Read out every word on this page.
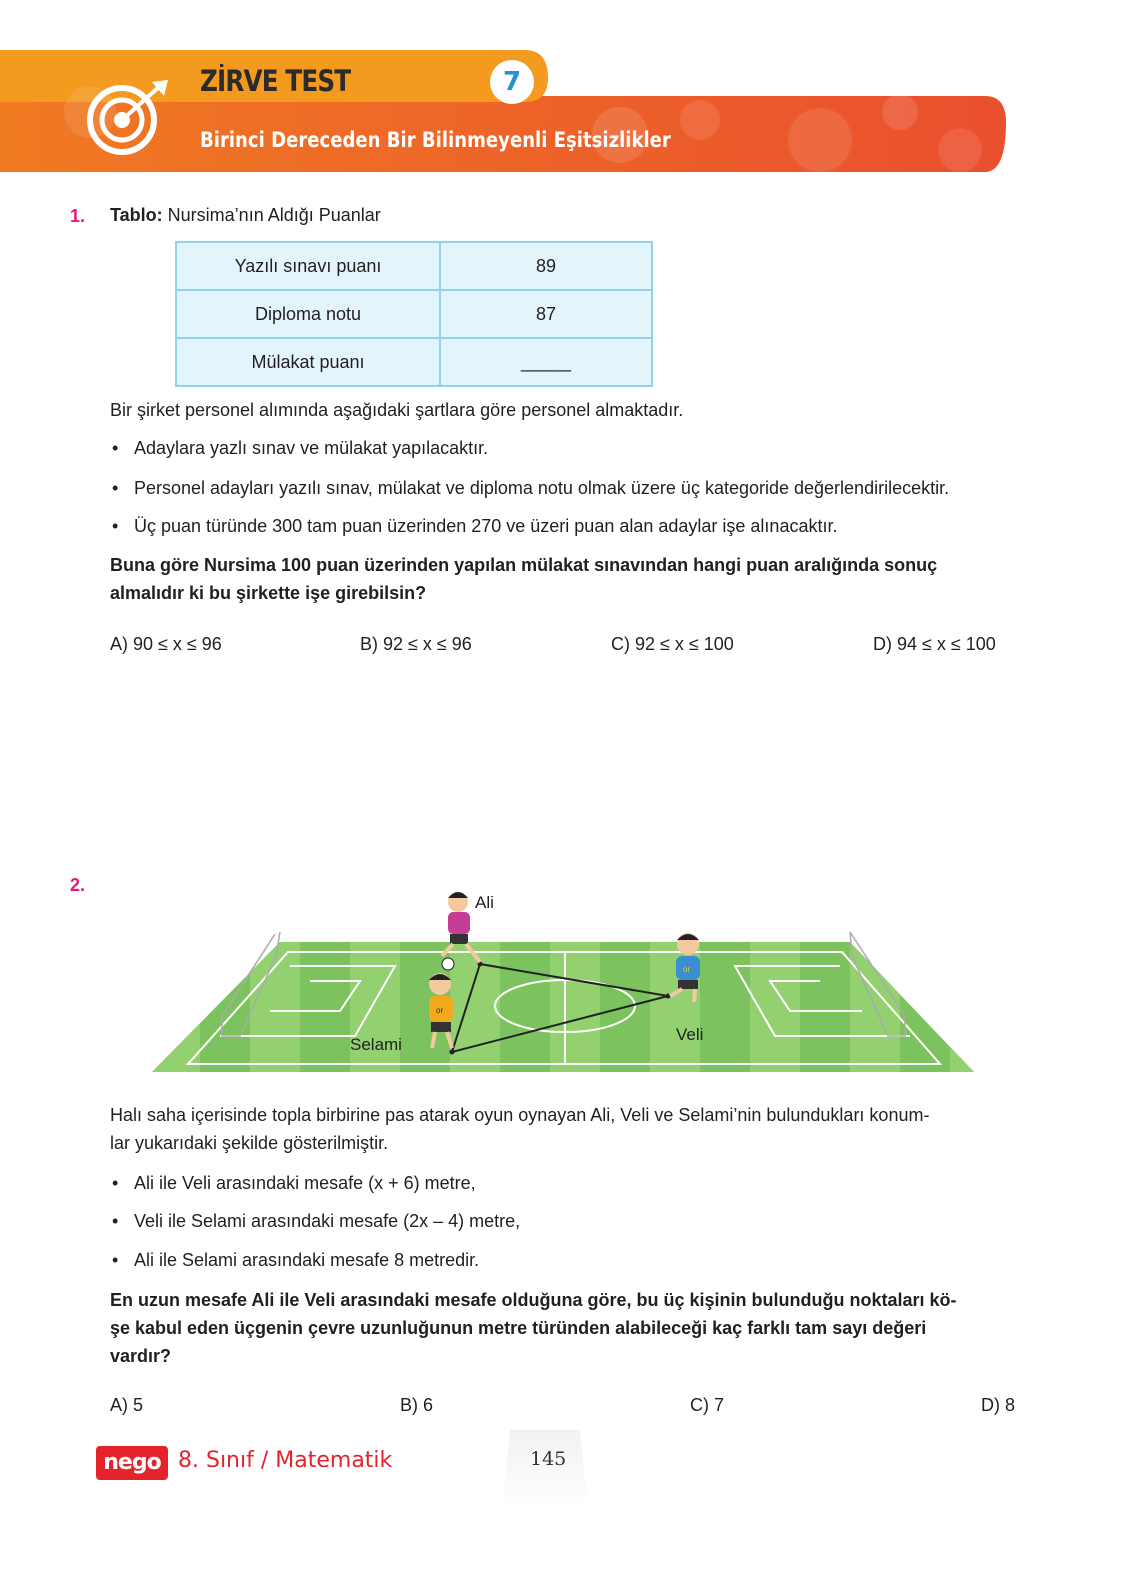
ZİRVE TEST	7
Birinci Dereceden Bir Bilinmeyenli Eşitsizlikler
1. Tablo: Nursima’nın Aldığı Puanlar
Yazılı sınavı puanı	89
Diploma notu	87
Mülakat puanı	_____
Bir şirket personel alımında aşağıdaki şartlara göre personel almaktadır.
• Adaylara yazlı sınav ve mülakat yapılacaktır.
• Personel adayları yazılı sınav, mülakat ve diploma notu olmak üzere üç kategoride değerlendirilecektir.
• Üç puan türünde 300 tam puan üzerinden 270 ve üzeri puan alan adaylar işe alınacaktır.
Buna göre Nursima 100 puan üzerinden yapılan mülakat sınavından hangi puan aralığında sonuç
almalıdır ki bu şirkette işe girebilsin?
A) 90 ≤ x ≤ 96	B) 92 ≤ x ≤ 96	C) 92 ≤ x ≤ 100	D) 94 ≤ x ≤ 100
2.
or
or
Ali
Veli
Selami
Halı saha içerisinde topla birbirine pas atarak oyun oynayan Ali, Veli ve Selami’nin bulundukları konum-
lar yukarıdaki şekilde gösterilmiştir.
• Ali ile Veli arasındaki mesafe (x + 6) metre,
• Veli ile Selami arasındaki mesafe (2x – 4) metre,
• Ali ile Selami arasındaki mesafe 8 metredir.
En uzun mesafe Ali ile Veli arasındaki mesafe olduğuna göre, bu üç kişinin bulunduğu noktaları kö-
şe kabul eden üçgenin çevre uzunluğunun metre türünden alabileceği kaç farklı tam sayı değeri
vardır?
A) 5	B) 6	C) 7	D) 8
nego 8. Sınıf / Matematik	145
